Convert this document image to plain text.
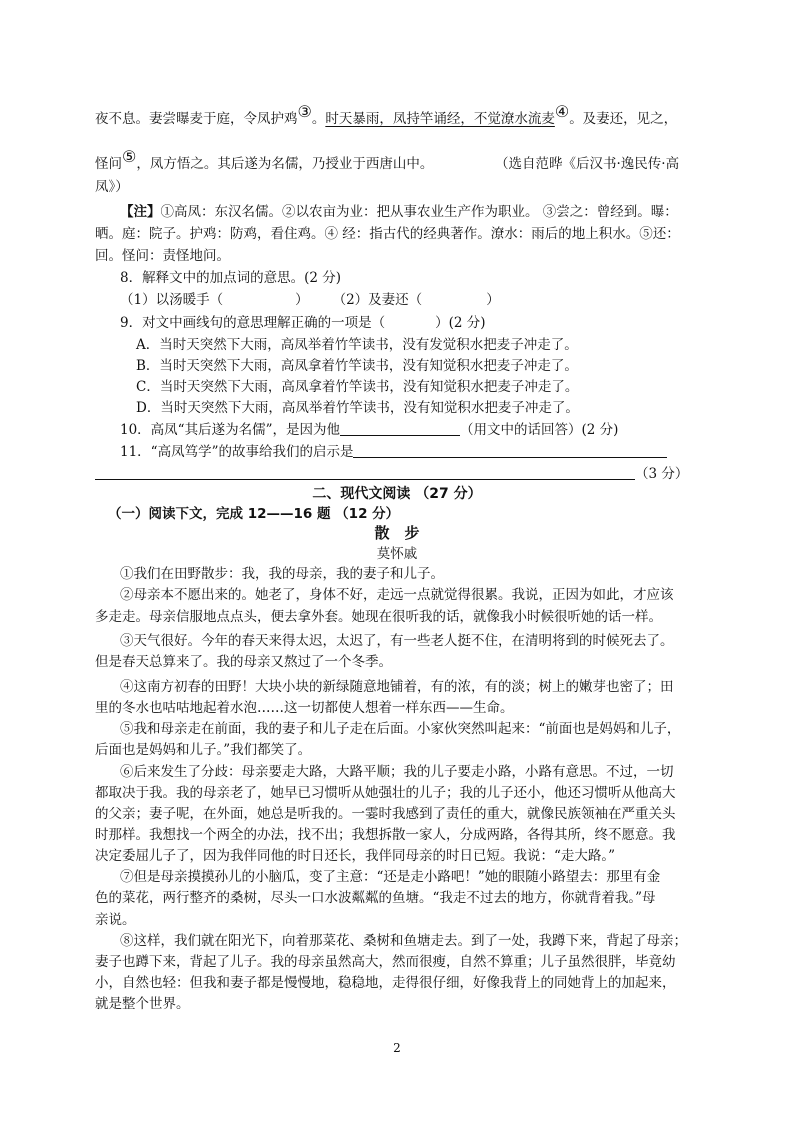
夜不息。妻尝曝麦于庭，令凤护鸡③。时天暴雨，凤持竿诵经，不觉潦水流麦④。及妻还，见之，
怪问⑤，凤方悟之。其后遂为名儒，乃授业于西唐山中。	（选自范晔《后汉书·逸民传·高
凤》）
【注】①高凤：东汉名儒。②以农亩为业：把从事农业生产作为职业。 ③尝之：曾经到。曝：
晒。庭：院子。护鸡：防鸡，看住鸡。④ 经：指古代的经典著作。潦水：雨后的地上积水。⑤还：
回。怪问：责怪地问。
8．解释文中的加点词的意思。(2 分)
（1）以汤暖手（	） （2）及妻还（	）
9．对文中画线句的意思理解正确的一项是（	）(2 分)
A．当时天突然下大雨，高凤举着竹竿读书，没有发觉积水把麦子冲走了。
B．当时天突然下大雨，高凤拿着竹竿读书，没有知觉积水把麦子冲走了。
C．当时天突然下大雨，高凤拿着竹竿读书，没有知觉积水把麦子冲走了。
D．当时天突然下大雨，高凤举着竹竿读书，没有知觉积水把麦子冲走了。
10．高凤“其后遂为名儒”，是因为他	（用文中的话回答）(2 分)
11．“高凤笃学”的故事给我们的启示是
（3 分）
二、现代文阅读 （27 分）
（一）阅读下文，完成 12——16 题 （12 分）
散　步
莫怀戚
①我们在田野散步：我，我的母亲，我的妻子和儿子。
②母亲本不愿出来的。她老了，身体不好，走远一点就觉得很累。我说，正因为如此，才应该
多走走。母亲信服地点点头，便去拿外套。她现在很听我的话，就像我小时候很听她的话一样。
③天气很好。今年的春天来得太迟，太迟了，有一些老人挺不住，在清明将到的时候死去了。
但是春天总算来了。我的母亲又熬过了一个冬季。
④这南方初春的田野！大块小块的新绿随意地铺着，有的浓，有的淡；树上的嫩芽也密了；田
里的冬水也咕咕地起着水泡……这一切都使人想着一样东西——生命。
⑤我和母亲走在前面，我的妻子和儿子走在后面。小家伙突然叫起来：“前面也是妈妈和儿子，
后面也是妈妈和儿子。”我们都笑了。
⑥后来发生了分歧：母亲要走大路，大路平顺；我的儿子要走小路，小路有意思。不过，一切
都取决于我。我的母亲老了，她早已习惯听从她强壮的儿子；我的儿子还小，他还习惯听从他高大
的父亲；妻子呢，在外面，她总是听我的。一霎时我感到了责任的重大，就像民族领袖在严重关头
时那样。我想找一个两全的办法，找不出；我想拆散一家人，分成两路，各得其所，终不愿意。我
决定委屈儿子了，因为我伴同他的时日还长，我伴同母亲的时日已短。我说：“走大路。”
⑦但是母亲摸摸孙儿的小脑瓜，变了主意：“还是走小路吧！”她的眼随小路望去：那里有金
色的菜花，两行整齐的桑树，尽头一口水波粼粼的鱼塘。“我走不过去的地方，你就背着我。”母
亲说。
⑧这样，我们就在阳光下，向着那菜花、桑树和鱼塘走去。到了一处，我蹲下来，背起了母亲；
妻子也蹲下来，背起了儿子。我的母亲虽然高大，然而很瘦，自然不算重；儿子虽然很胖，毕竟幼
小，自然也轻：但我和妻子都是慢慢地，稳稳地，走得很仔细，好像我背上的同她背上的加起来，
就是整个世界。
2
